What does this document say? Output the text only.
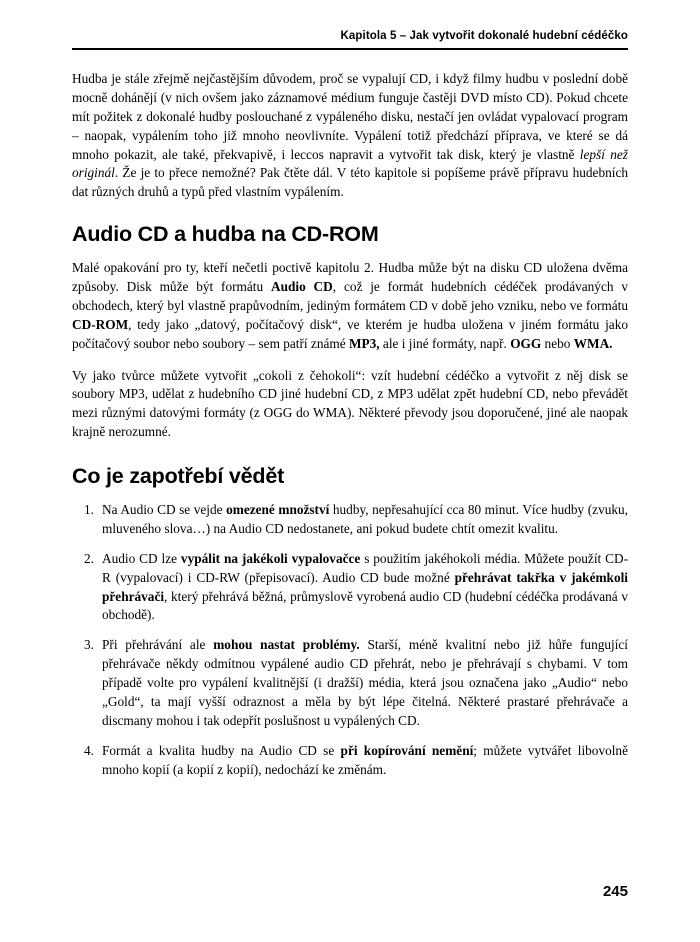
Kapitola 5 – Jak vytvořit dokonalé hudební cédéčko

Hudba je stále zřejmě nejčastějším důvodem, proč se vypalují CD, i když filmy hudbu v poslední době mocně dohánějí (v nich ovšem jako záznamové médium funguje častěji DVD místo CD). Pokud chcete mít požitek z dokonalé hudby poslouchané z vypáleného disku, nestačí jen ovládat vypalovací program – naopak, vypálením toho již mnoho neovlivníte. Vypálení totiž předchází příprava, ve které se dá mnoho pokazit, ale také, překvapivě, i leccos napravit a vytvořit tak disk, který je vlastně lepší než originál. Že je to přece nemožné? Pak čtěte dál. V této kapitole si popíšeme právě přípravu hudebních dat různých druhů a typů před vlastním vypálením.

Audio CD a hudba na CD-ROM

Malé opakování pro ty, kteří nečetli poctivě kapitolu 2. Hudba může být na disku CD uložena dvěma způsoby. Disk může být formátu Audio CD, což je formát hudebních cédéček prodávaných v obchodech, který byl vlastně prapůvodním, jediným formátem CD v době jeho vzniku, nebo ve formátu CD-ROM, tedy jako „datový, počítačový disk“, ve kterém je hudba uložena v jiném formátu jako počítačový soubor nebo soubory – sem patří známé MP3, ale i jiné formáty, např. OGG nebo WMA.

Vy jako tvůrce můžete vytvořit „cokoli z čehokoli“: vzít hudební cédéčko a vytvořit z něj disk se soubory MP3, udělat z hudebního CD jiné hudební CD, z MP3 udělat zpět hudební CD, nebo převádět mezi různými datovými formáty (z OGG do WMA). Některé převody jsou doporučené, jiné ale naopak krajně nerozumné.

Co je zapotřebí vědět
1. Na Audio CD se vejde omezené množství hudby, nepřesahující cca 80 minut. Více hudby (zvuku, mluveného slova…) na Audio CD nedostanete, ani pokud budete chtít omezit kvalitu.
2. Audio CD lze vypálit na jakékoli vypalovačce s použitím jakéhokoli média. Můžete použít CD-R (vypalovací) i CD-RW (přepisovací). Audio CD bude možné přehrávat takřka v jakémkoli přehrávači, který přehrává běžná, průmyslově vyrobená audio CD (hudební cédéčka prodávaná v obchodě).
3. Při přehrávání ale mohou nastat problémy. Starší, méně kvalitní nebo již hůře fungující přehrávače někdy odmítnou vypálené audio CD přehrát, nebo je přehrávají s chybami. V tom případě volte pro vypálení kvalitnější (i dražší) média, která jsou označena jako „Audio“ nebo „Gold“, ta mají vyšší odraznost a měla by být lépe čitelná. Některé prastaré přehrávače a discmany mohou i tak odepřít poslušnost u vypálených CD.
4. Formát a kvalita hudby na Audio CD se při kopírování nemění; můžete vytvářet libovolně mnoho kopií (a kopií z kopií), nedochází ke změnám.
245
